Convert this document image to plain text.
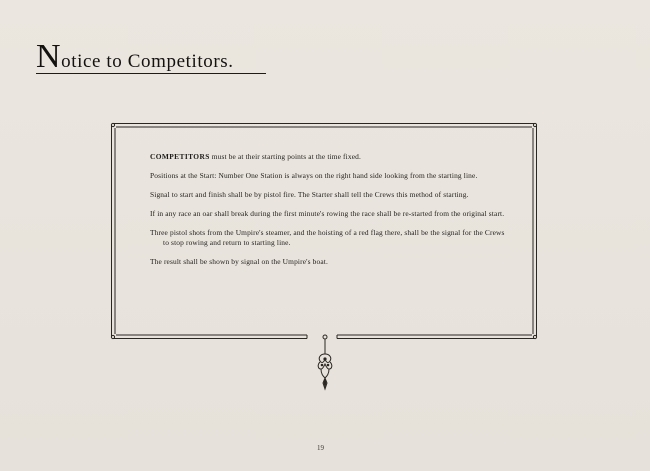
Notice to Competitors.

COMPETITORS must be at their starting points at the time fixed.

Positions at the Start: Number One Station is always on the right hand side looking from the starting line.

Signal to start and finish shall be by pistol fire. The Starter shall tell the Crews this method of starting.

If in any race an oar shall break during the first minute's rowing the race shall be re-started from the original start.

Three pistol shots from the Umpire's steamer, and the hoisting of a red flag there, shall be the signal for the Crews to stop rowing and return to starting line.

The result shall be shown by signal on the Umpire's boat.

19
